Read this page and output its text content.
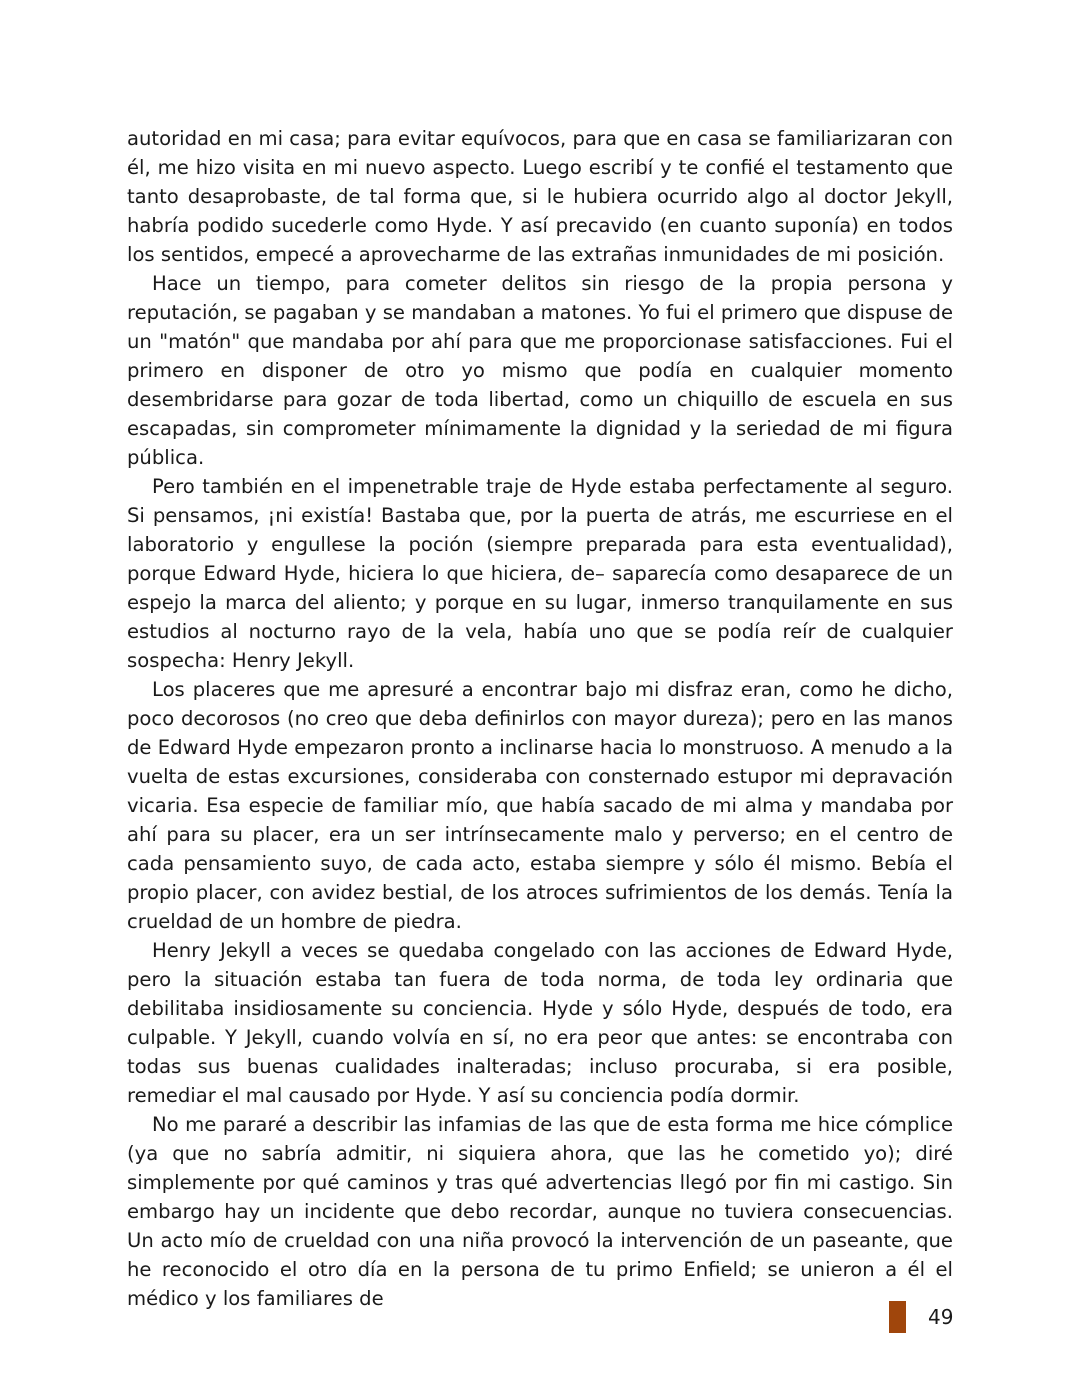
autoridad en mi casa; para evitar equívocos, para que en casa se familiarizaran con él, me hizo visita en mi nuevo aspecto. Luego escribí y te confié el testamento que tanto desaprobaste, de tal forma que, si le hubiera ocurrido algo al doctor Jekyll, habría podido sucederle como Hyde. Y así precavido (en cuanto suponía) en todos los sentidos, empecé a aprovecharme de las extrañas inmunidades de mi posición.

Hace un tiempo, para cometer delitos sin riesgo de la propia persona y reputación, se pagaban y se mandaban a matones. Yo fui el primero que dispuse de un "matón" que mandaba por ahí para que me proporcionase satisfacciones. Fui el primero en disponer de otro yo mismo que podía en cualquier momento desembridarse para gozar de toda libertad, como un chiquillo de escuela en sus escapadas, sin comprometer mínimamente la dignidad y la seriedad de mi figura pública.

Pero también en el impenetrable traje de Hyde estaba perfectamente al seguro. Si pensamos, ¡ni existía! Bastaba que, por la puerta de atrás, me escurriese en el laboratorio y engullese la poción (siempre preparada para esta eventualidad), porque Edward Hyde, hiciera lo que hiciera, de– saparecía como desaparece de un espejo la marca del aliento; y porque en su lugar, inmerso tranquilamente en sus estudios al nocturno rayo de la vela, había uno que se podía reír de cualquier sospecha: Henry Jekyll.

Los placeres que me apresuré a encontrar bajo mi disfraz eran, como he dicho, poco decorosos (no creo que deba definirlos con mayor dureza); pero en las manos de Edward Hyde empezaron pronto a inclinarse hacia lo monstruoso. A menudo a la vuelta de estas excursiones, consideraba con consternado estupor mi depravación vicaria. Esa especie de familiar mío, que había sacado de mi alma y mandaba por ahí para su placer, era un ser intrínsecamente malo y perverso; en el centro de cada pensamiento suyo, de cada acto, estaba siempre y sólo él mismo. Bebía el propio placer, con avidez bestial, de los atroces sufrimientos de los demás. Tenía la crueldad de un hombre de piedra.

Henry Jekyll a veces se quedaba congelado con las acciones de Edward Hyde, pero la situación estaba tan fuera de toda norma, de toda ley ordinaria que debilitaba insidiosamente su conciencia. Hyde y sólo Hyde, después de todo, era culpable. Y Jekyll, cuando volvía en sí, no era peor que antes: se encontraba con todas sus buenas cualidades inalteradas; incluso procuraba, si era posible, remediar el mal causado por Hyde. Y así su conciencia podía dormir.

No me pararé a describir las infamias de las que de esta forma me hice cómplice (ya que no sabría admitir, ni siquiera ahora, que las he cometido yo); diré simplemente por qué caminos y tras qué advertencias llegó por fin mi castigo. Sin embargo hay un incidente que debo recordar, aunque no tuviera consecuencias. Un acto mío de crueldad con una niña provocó la intervención de un paseante, que he reconocido el otro día en la persona de tu primo Enfield; se unieron a él el médico y los familiares de

49
